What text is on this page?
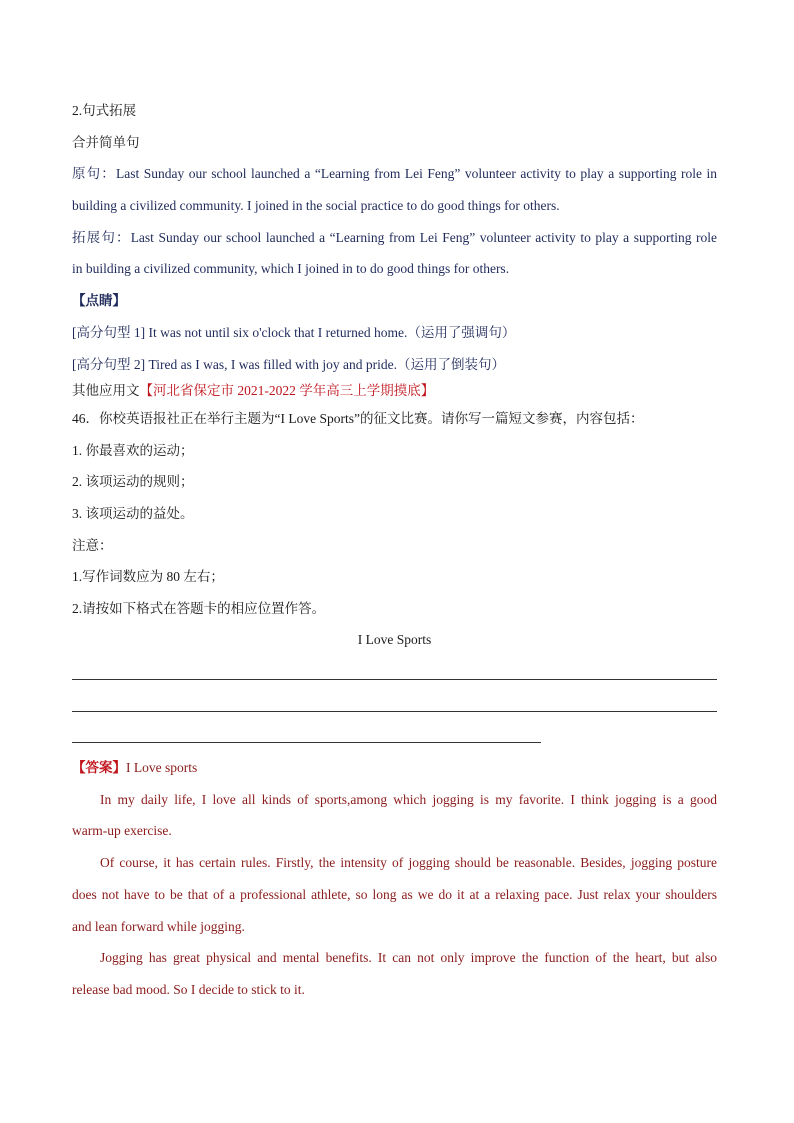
2.句式拓展
合并简单句
原句：Last Sunday our school launched a “Learning from Lei Feng” volunteer activity to play a supporting role in
building a civilized community. I joined in the social practice to do good things for others.
拓展句：Last Sunday our school launched a “Learning from Lei Feng” volunteer activity to play a supporting role
in building a civilized community, which I joined in to do good things for others.
【点睛】
[高分句型 1] It was not until six o'clock that I returned home.（运用了强调句）
[高分句型 2] Tired as I was, I was filled with joy and pride.（运用了倒装句）
其他应用文【河北省保定市 2021-2022 学年高三上学期摸底】
46．你校英语报社正在举行主题为“I Love Sports”的征文比赛。请你写一篇短文参赛，内容包括：
1. 你最喜欢的运动；
2. 该项运动的规则；
3. 该项运动的益处。
注意：
1.写作词数应为 80 左右；
2.请按如下格式在答题卡的相应位置作答。
I Love Sports
【答案】I Love sports
In my daily life, I love all kinds of sports,among which jogging is my favorite. I think jogging is a good
warm-up exercise.
Of course, it has certain rules. Firstly, the intensity of jogging should be reasonable. Besides, jogging posture
does not have to be that of a professional athlete, so long as we do it at a relaxing pace. Just relax your shoulders
and lean forward while jogging.
Jogging has great physical and mental benefits. It can not only improve the function of the heart, but also
release bad mood. So I decide to stick to it.
